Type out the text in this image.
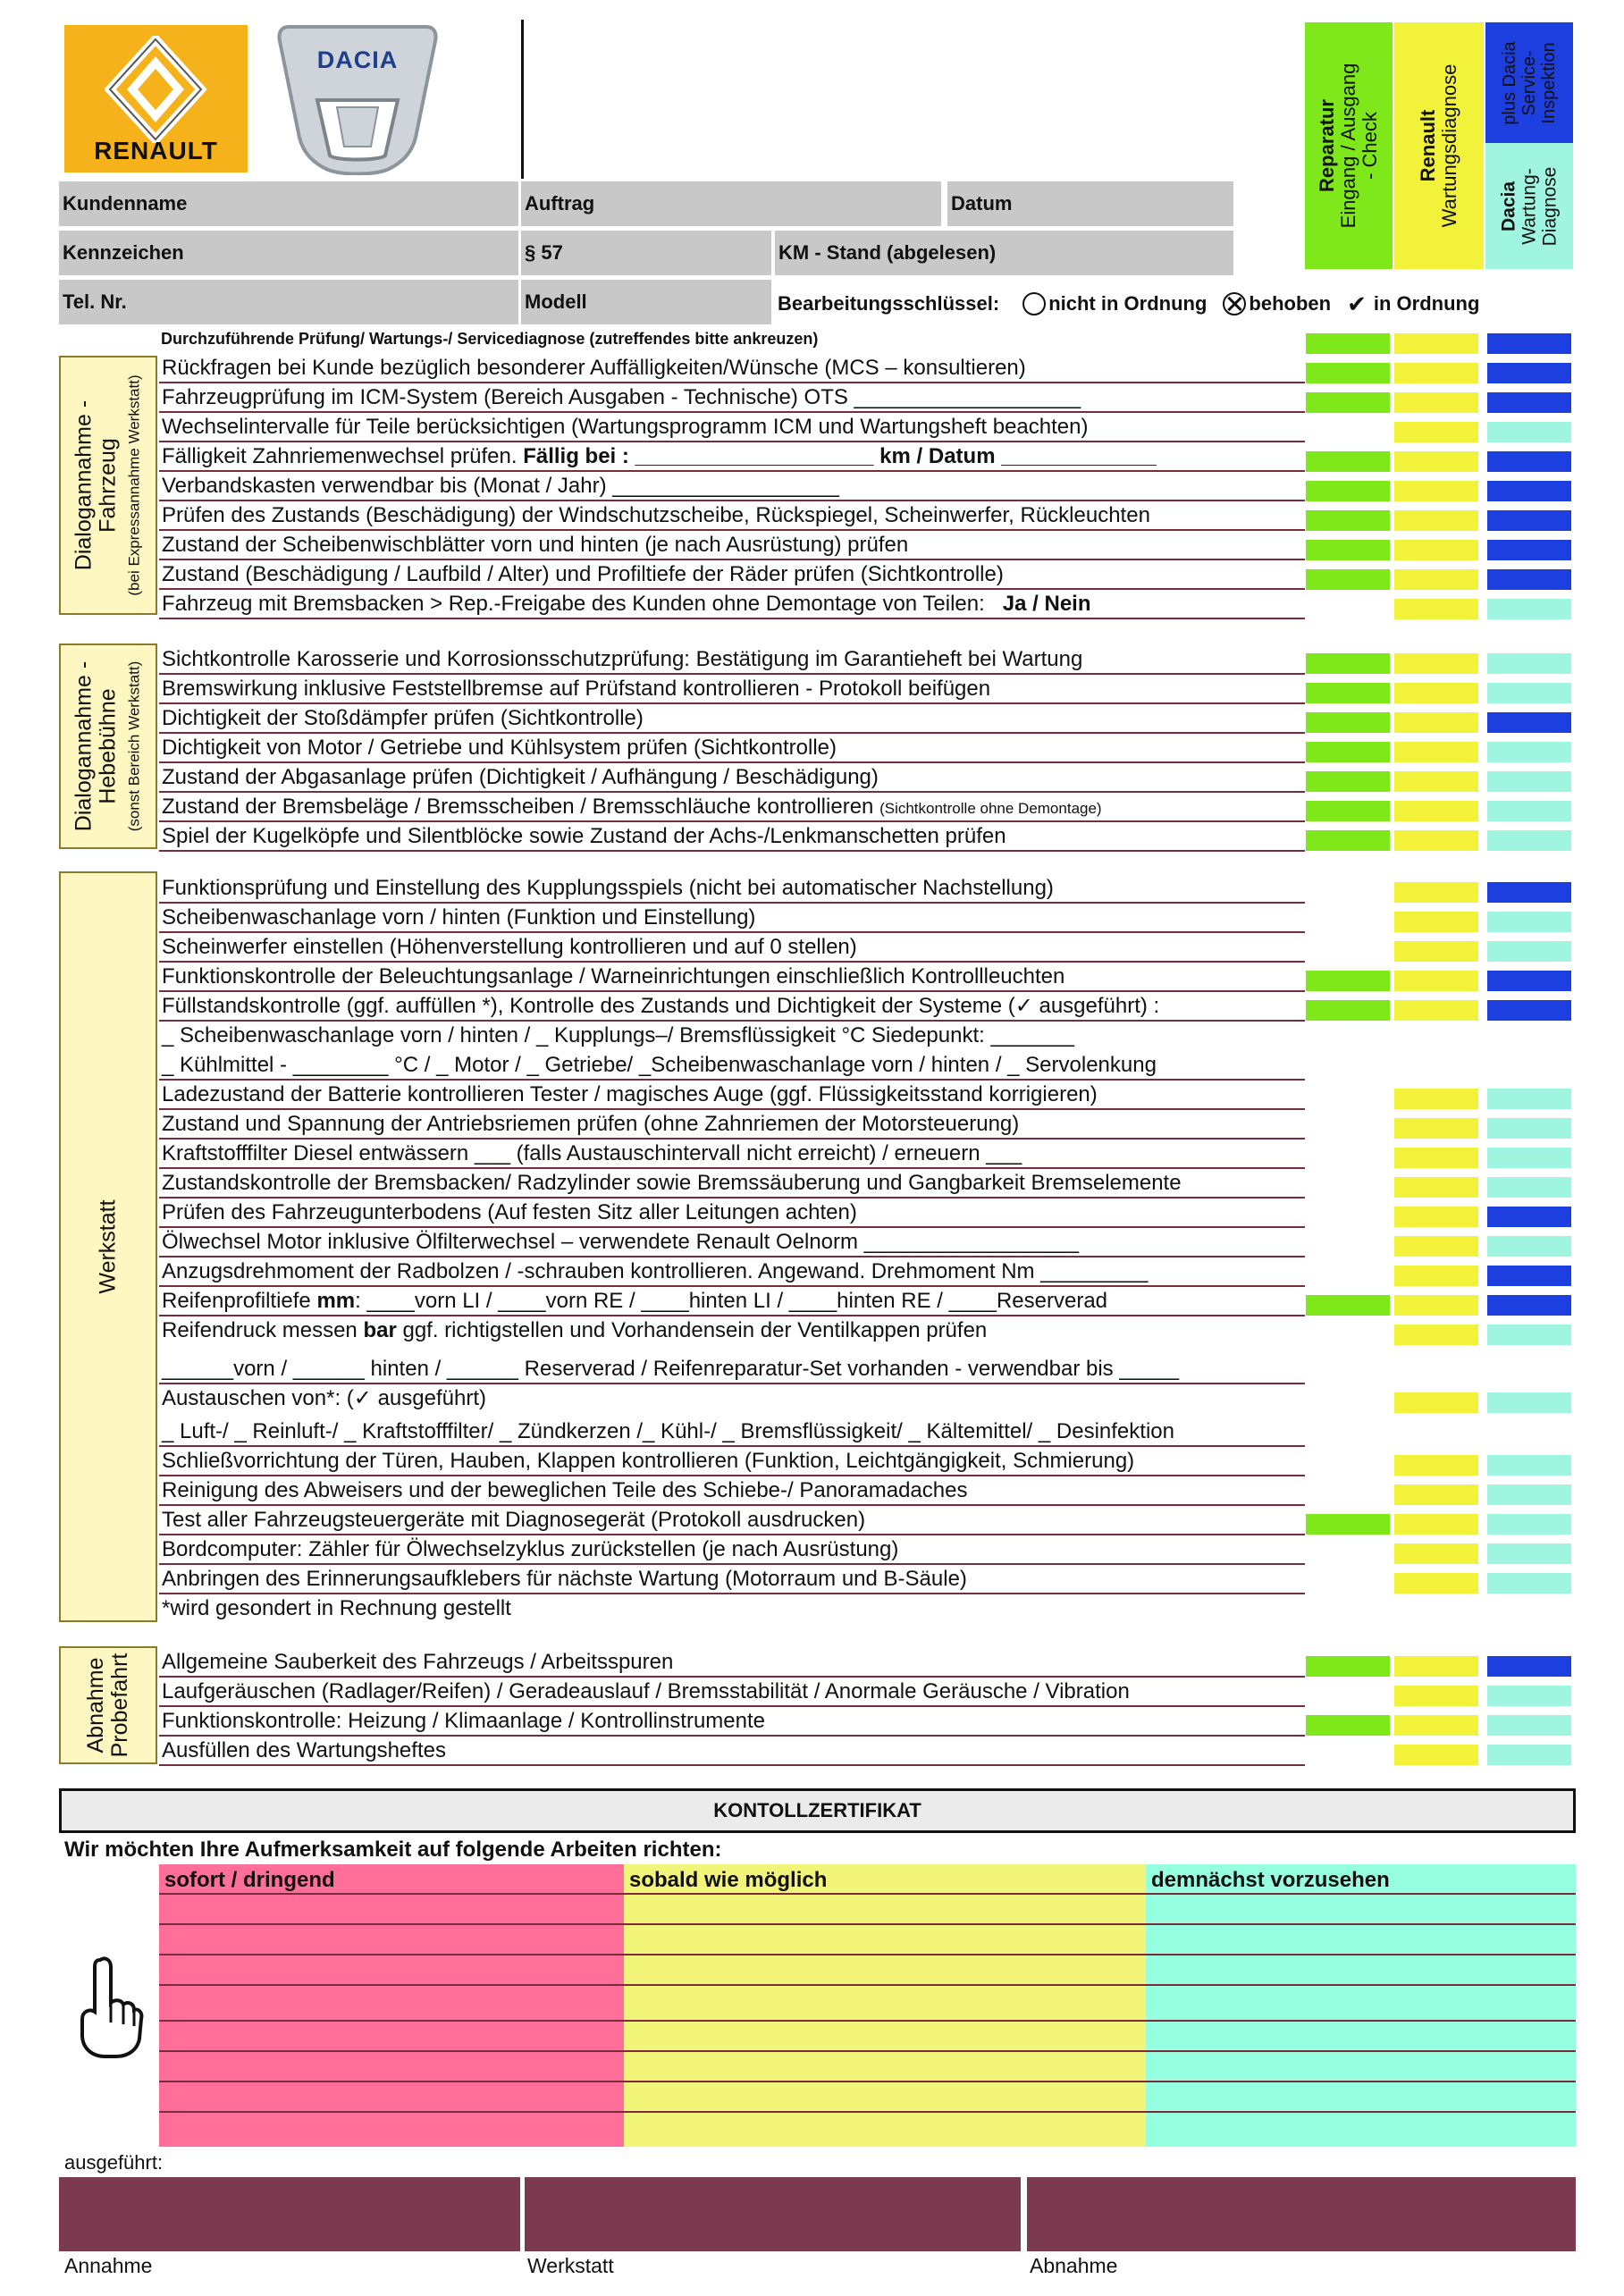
RENAULT
DACIA
Reparatur Eingang / Ausgang - Check Renault Wartungsdiagnose plus Dacia Service- Inspektion
Dacia Wartung- Diagnose
Kundenname	Auftrag	Datum
Kennzeichen	§ 57	KM - Stand (abgelesen)
Tel. Nr.	Modell	Bearbeitungsschlüssel:	nicht in Ordnung behoben ✔ in Ordnung
Durchzuführende Prüfung/ Wartungs-/ Servicediagnose (zutreffendes bitte ankreuzen)
Dialogannahme - Fahrzeug (bei Expressannahme Werkstatt)
Dialogannahme - Hebebühne (sonst Bereich Werkstatt)
Werkstatt
Abnahme Probefahrt
Rückfragen bei Kunde bezüglich besonderer Auffälligkeiten/Wünsche (MCS – konsultieren)
Fahrzeugprüfung im ICM-System (Bereich Ausgaben - Technische) OTS ___________________
Wechselintervalle für Teile berücksichtigen (Wartungsprogramm ICM und Wartungsheft beachten)
Fälligkeit Zahnriemenwechsel prüfen. Fällig bei : ____________________ km / Datum _____________
Verbandskasten verwendbar bis (Monat / Jahr) ___________________
Prüfen des Zustands (Beschädigung) der Windschutzscheibe, Rückspiegel, Scheinwerfer, Rückleuchten
Zustand der Scheibenwischblätter vorn und hinten (je nach Ausrüstung) prüfen
Zustand (Beschädigung / Laufbild / Alter) und Profiltiefe der Räder prüfen (Sichtkontrolle)
Fahrzeug mit Bremsbacken > Rep.-Freigabe des Kunden ohne Demontage von Teilen: Ja / Nein
Sichtkontrolle Karosserie und Korrosionsschutzprüfung: Bestätigung im Garantieheft bei Wartung
Bremswirkung inklusive Feststellbremse auf Prüfstand kontrollieren - Protokoll beifügen
Dichtigkeit der Stoßdämpfer prüfen (Sichtkontrolle)
Dichtigkeit von Motor / Getriebe und Kühlsystem prüfen (Sichtkontrolle)
Zustand der Abgasanlage prüfen (Dichtigkeit / Aufhängung / Beschädigung)
Zustand der Bremsbeläge / Bremsscheiben / Bremsschläuche kontrollieren (Sichtkontrolle ohne Demontage)
Spiel der Kugelköpfe und Silentblöcke sowie Zustand der Achs-/Lenkmanschetten prüfen
Funktionsprüfung und Einstellung des Kupplungsspiels (nicht bei automatischer Nachstellung)
Scheibenwaschanlage vorn / hinten (Funktion und Einstellung)
Scheinwerfer einstellen (Höhenverstellung kontrollieren und auf 0 stellen)
Funktionskontrolle der Beleuchtungsanlage / Warneinrichtungen einschließlich Kontrollleuchten
Füllstandskontrolle (ggf. auffüllen *), Kontrolle des Zustands und Dichtigkeit der Systeme (✓ ausgeführt) :
_ Scheibenwaschanlage vorn / hinten / _ Kupplungs–/ Bremsflüssigkeit °C Siedepunkt: _______
_ Kühlmittel - ________ °C / _ Motor / _ Getriebe/ _Scheibenwaschanlage vorn / hinten / _ Servolenkung
Ladezustand der Batterie kontrollieren Tester / magisches Auge (ggf. Flüssigkeitsstand korrigieren)
Zustand und Spannung der Antriebsriemen prüfen (ohne Zahnriemen der Motorsteuerung)
Kraftstofffilter Diesel entwässern ___ (falls Austauschintervall nicht erreicht) / erneuern ___
Zustandskontrolle der Bremsbacken/ Radzylinder sowie Bremssäuberung und Gangbarkeit Bremselemente
Prüfen des Fahrzeugunterbodens (Auf festen Sitz aller Leitungen achten)
Ölwechsel Motor inklusive Ölfilterwechsel – verwendete Renault Oelnorm __________________
Anzugsdrehmoment der Radbolzen / -schrauben kontrollieren. Angewand. Drehmoment Nm _________
Reifenprofiltiefe mm: ____vorn LI / ____vorn RE / ____hinten LI / ____hinten RE / ____Reserverad
Reifendruck messen bar ggf. richtigstellen und Vorhandensein der Ventilkappen prüfen
______vorn / ______ hinten / ______ Reserverad / Reifenreparatur-Set vorhanden - verwendbar bis _____
Austauschen von*: (✓ ausgeführt)
_ Luft-/ _ Reinluft-/ _ Kraftstofffilter/ _ Zündkerzen /_ Kühl-/ _ Bremsflüssigkeit/ _ Kältemittel/ _ Desinfektion
Schließvorrichtung der Türen, Hauben, Klappen kontrollieren (Funktion, Leichtgängigkeit, Schmierung)
Reinigung des Abweisers und der beweglichen Teile des Schiebe-/ Panoramadaches
Test aller Fahrzeugsteuergeräte mit Diagnosegerät (Protokoll ausdrucken)
Bordcomputer: Zähler für Ölwechselzyklus zurückstellen (je nach Ausrüstung)
Anbringen des Erinnerungsaufklebers für nächste Wartung (Motorraum und B-Säule)
*wird gesondert in Rechnung gestellt
Allgemeine Sauberkeit des Fahrzeugs / Arbeitsspuren
Laufgeräuschen (Radlager/Reifen) / Geradeauslauf / Bremsstabilität / Anormale Geräusche / Vibration
Funktionskontrolle: Heizung / Klimaanlage / Kontrollinstrumente
Ausfüllen des Wartungsheftes
KONTOLLZERTIFIKAT
Wir möchten Ihre Aufmerksamkeit auf folgende Arbeiten richten:
sofort / dringend	sobald wie möglich	demnächst vorzusehen
ausgeführt:
Annahme	Werkstatt	Abnahme
